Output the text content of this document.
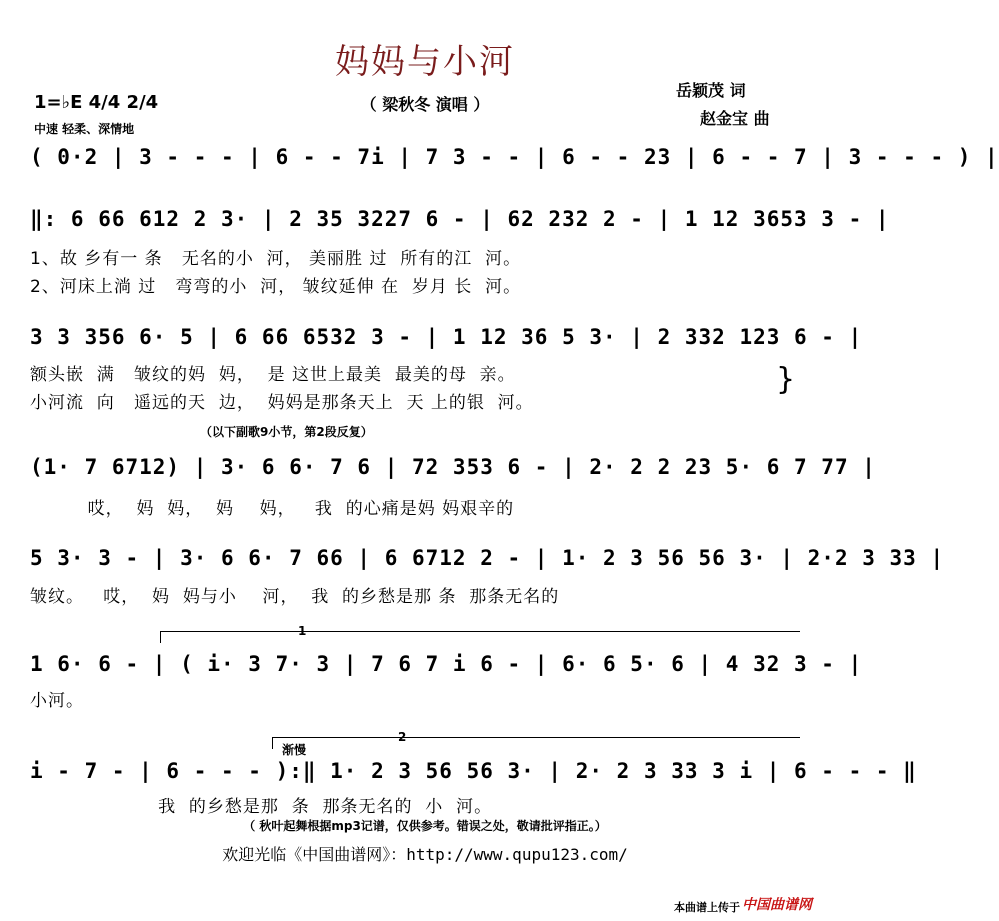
妈妈与小河
（ 梁秋冬 演唱 ）
1=♭E 4/4 2/4
中速 轻柔、深情地
岳颖茂 词
赵金宝 曲
( 0·2 | 3 - - - | 6 - - 7i | 7 3 - - | 6 - - 23 | 6 - - 7 | 3 - - - ) |
‖: 6 66 612 2 3· | 2 35 3227 6 - | 62 232 2 - | 1 12 3653 3 - |
1、故 乡有一 条   无名的小  河， 美丽胜 过  所有的江  河。
2、河床上淌 过   弯弯的小  河， 皱纹延伸 在  岁月 长  河。
3 3 356 6· 5 | 6 66 6532 3 - | 1 12 36 5 3· | 2 332 123 6 - |
额头嵌  满   皱纹的妈  妈，  是 这世上最美  最美的母  亲。
小河流  向   遥远的天  边，  妈妈是那条天上  天 上的银  河。
}
（以下副歌9小节，第2段反复）
(1· 7 6712) | 3· 6 6· 7 6 | 72 353 6 - | 2· 2 2 23 5· 6 7 77 |
哎，  妈  妈，  妈    妈，   我  的心痛是妈 妈艰辛的
5 3· 3 - | 3· 6 6· 7 66 | 6 6712 2 - | 1· 2 3 56 56 3· | 2·2 3 33 |
皱纹。   哎，  妈  妈与小    河，  我  的乡愁是那 条  那条无名的
1
1 6· 6 - | ( i· 3 7· 3 | 7 6 7 i 6 - | 6· 6 5· 6 | 4 32 3 - |
小河。
2
渐慢
i - 7 - | 6 - - - ):‖ 1· 2 3 56 56 3· | 2· 2 3 33 3 i | 6 - - - ‖
我  的乡愁是那  条  那条无名的  小  河。
（ 秋叶起舞根据mp3记谱，仅供参考。错误之处，敬请批评指正。）
欢迎光临《中国曲谱网》：http://www.qupu123.com/
本曲谱上传于 中国曲谱网
